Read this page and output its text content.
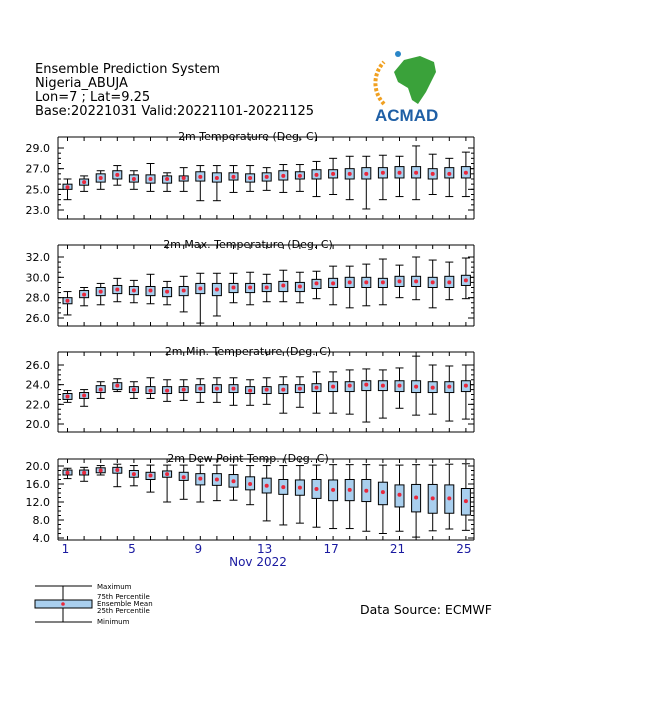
Ensemble Prediction System
Nigeria_ABUJA
Lon=7 ; Lat=9.25
Base:20221031 Valid:20221101-20221125	ACMAD
2m Temperature (Deg. C)
29.0
27.0
25.0
23.0
2m Max. Temperature (Deg. C)
32.0
30.0
28.0
26.0
2m Min. Temperature (Deg. C)
26.0
24.0
22.0
20.0
2m Dew Point Temp. (Deg. C)
20.0
16.0
12.0
8.0
4.0
1	5	9	13	17	21	25
Nov 2022
Maximum
75th Percentile
Ensemble Mean
25th Percentile
Minimum
Data Source: ECMWF
